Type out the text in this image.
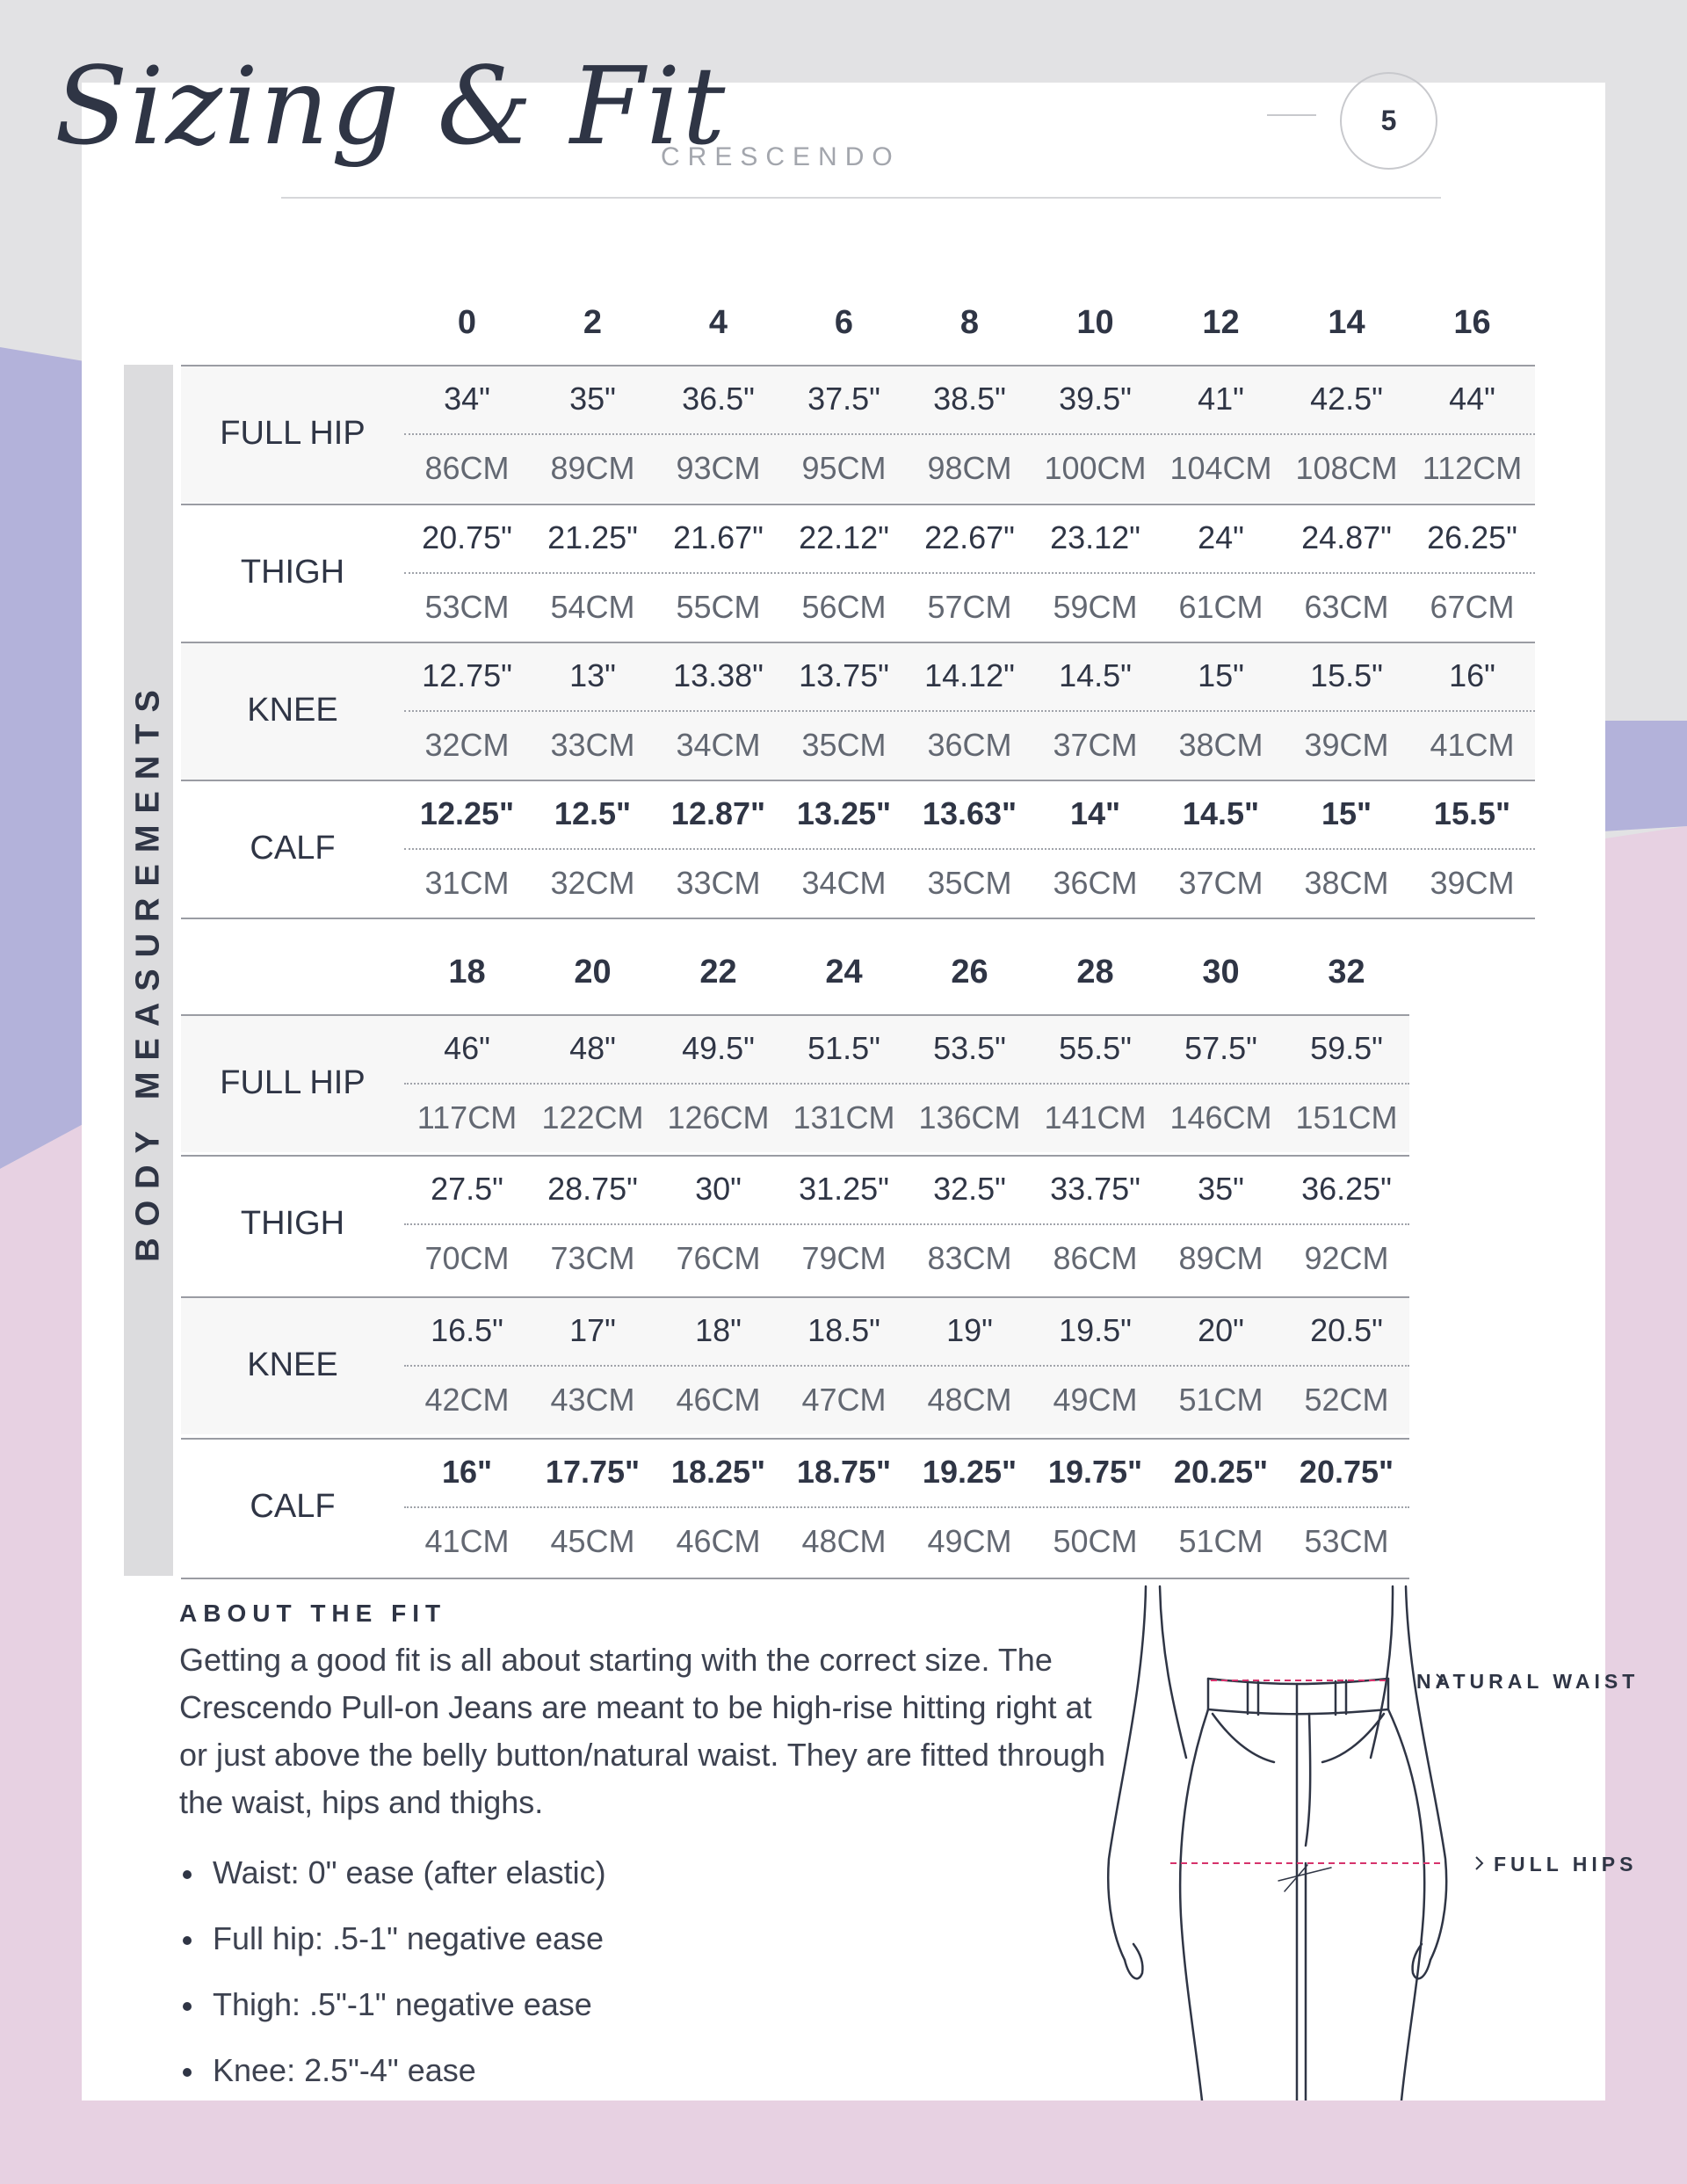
Sizing & Fit
CRESCENDO
5
BODY MEASUREMENTS
0	2	4	6	8	10	12	14	16
FULL HIP
34"	35"	36.5"	37.5"	38.5"	39.5"	41"	42.5"	44"
86CM	89CM	93CM	95CM	98CM	100CM 104CM 108CM 112CM
THIGH
20.75"	21.25"	21.67"	22.12"	22.67"	23.12"	24"	24.87"	26.25"
53CM	54CM	55CM	56CM	57CM	59CM	61CM	63CM	67CM
KNEE
12.75"	13"	13.38"	13.75"	14.12"	14.5"	15"	15.5"	16"
32CM	33CM	34CM	35CM	36CM	37CM	38CM	39CM	41CM
CALF
12.25"	12.5"	12.87" 13.25" 13.63"	14"	14.5"	15"	15.5"
31CM	32CM	33CM	34CM	35CM	36CM	37CM	38CM	39CM
18	20	22	24	26	28	30	32
FULL HIP
46"	48"	49.5"	51.5"	53.5"	55.5"	57.5"	59.5"
117CM 122CM 126CM 131CM 136CM 141CM 146CM 151CM
THIGH
27.5"	28.75"	30"	31.25"	32.5"	33.75"	35"	36.25"
70CM	73CM	76CM	79CM	83CM	86CM	89CM	92CM
KNEE
16.5"	17"	18"	18.5"	19"	19.5"	20"	20.5"
42CM	43CM	46CM	47CM	48CM	49CM	51CM	52CM
CALF
16"	17.75" 18.25" 18.75" 19.25" 19.75" 20.25" 20.75"
41CM	45CM	46CM	48CM	49CM	50CM	51CM	53CM
ABOUT THE FIT
Getting a good fit is all about starting with the correct size. The Crescendo Pull-on Jeans are meant to be high-rise hitting right at or just above the belly button/natural waist. They are fitted through the waist, hips and thighs.
Waist: 0" ease (after elastic)
Full hip: .5-1" negative ease
Thigh: .5"-1" negative ease
Knee: 2.5"-4" ease
NATURAL WAIST
FULL HIPS
